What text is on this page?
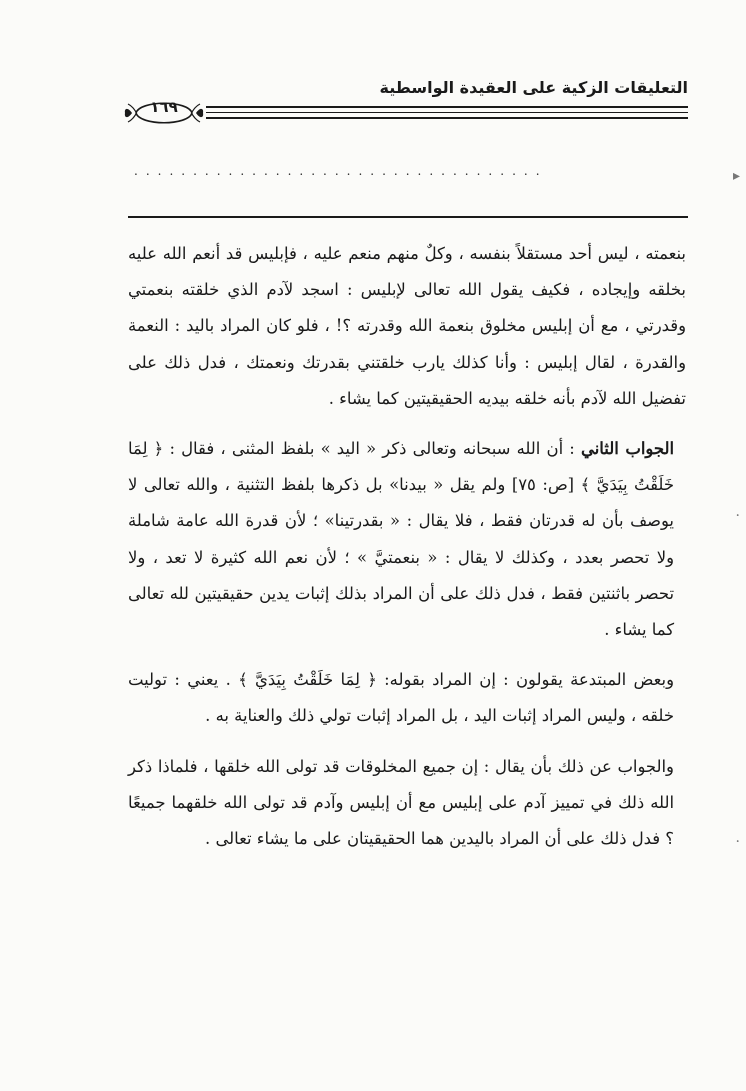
التعليقات الزكية على العقيدة الواسطية
١٦٩
...................................	▸
·
·

بنعمته ، ليس أحد مستقلاً بنفسه ، وكلٌ منهم منعم عليه ، فإبليس قد أنعم الله عليه بخلقه وإيجاده ، فكيف يقول الله تعالى لإبليس : اسجد لآدم الذي خلقته بنعمتي وقدرتي ، مع أن إبليس مخلوق بنعمة الله وقدرته ؟! ، فلو كان المراد باليد : النعمة والقدرة ، لقال إبليس : وأنا كذلك يارب خلقتني بقدرتك ونعمتك ، فدل ذلك على تفضيل الله لآدم بأنه خلقه بيديه الحقيقيتين كما يشاء .

الجواب الثاني : أن الله سبحانه وتعالى ذكر « اليد » بلفظ المثنى ، فقال : ﴿ لِمَا خَلَقْتُ بِيَدَيَّ ﴾ [ص: ٧٥] ولم يقل « بيدنا» بل ذكرها بلفظ التثنية ، والله تعالى لا يوصف بأن له قدرتان فقط ، فلا يقال : « بقدرتينا» ؛ لأن قدرة الله عامة شاملة ولا تحصر بعدد ، وكذلك لا يقال : « بنعمتيَّ » ؛ لأن نعم الله كثيرة لا تعد ، ولا تحصر باثنتين فقط ، فدل ذلك على أن المراد بذلك إثبات يدين حقيقيتين لله تعالى كما يشاء .

وبعض المبتدعة يقولون : إن المراد بقوله: ﴿ لِمَا خَلَقْتُ بِيَدَيَّ ﴾ . يعني : توليت خلقه ، وليس المراد إثبات اليد ، بل المراد إثبات تولي ذلك والعناية به .

والجواب عن ذلك بأن يقال : إن جميع المخلوقات قد تولى الله خلقها ، فلماذا ذكر الله ذلك في تمييز آدم على إبليس مع أن إبليس وآدم قد تولى الله خلقهما جميعًا ؟ فدل ذلك على أن المراد باليدين هما الحقيقيتان على ما يشاء تعالى .
